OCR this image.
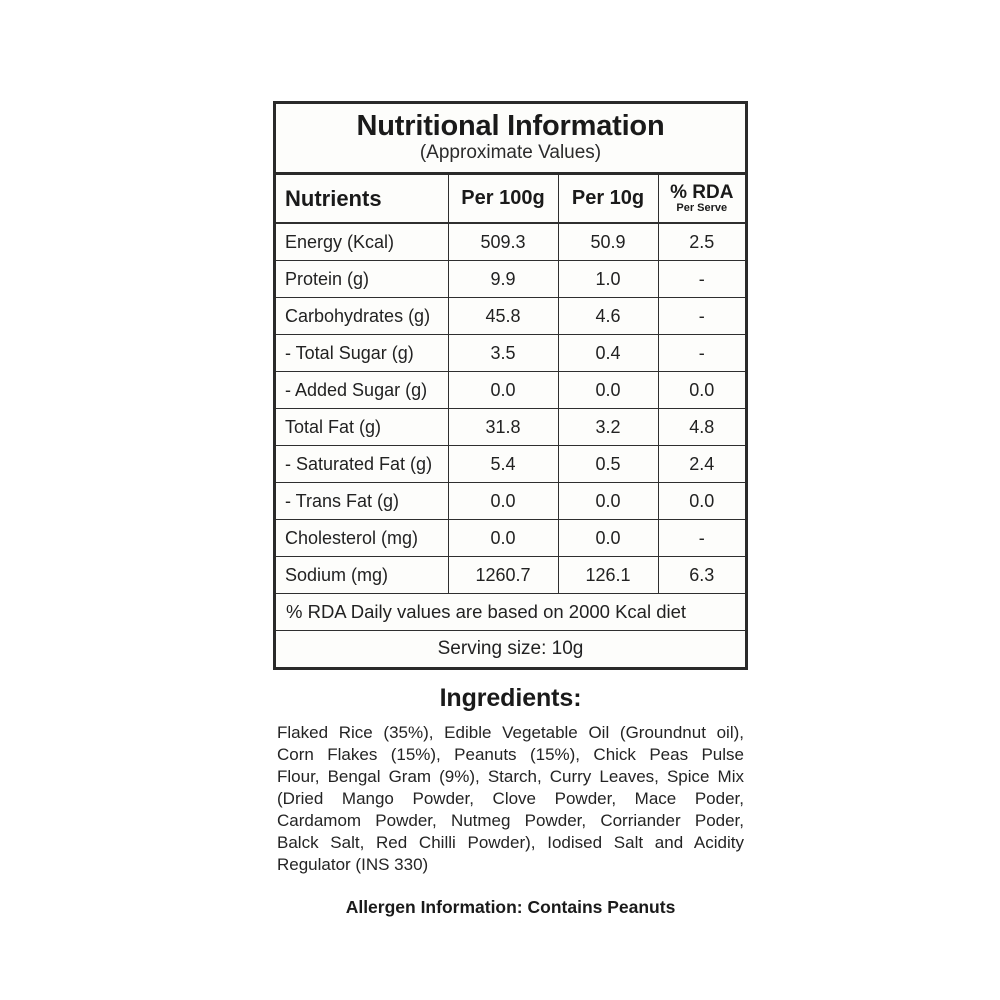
Nutritional Information
(Approximate Values)
Nutrients	Per 100g	Per 10g	% RDA
Per Serve

Energy (Kcal)	509.3	50.9	2.5

Protein (g)	9.9	1.0	-

Carbohydrates (g)	45.8	4.6	-

- Total Sugar (g)	3.5	0.4	-

- Added Sugar (g)	0.0	0.0	0.0

Total Fat (g)	31.8	3.2	4.8

- Saturated Fat (g)	5.4	0.5	2.4

- Trans Fat (g)	0.0	0.0	0.0

Cholesterol (mg)	0.0	0.0	-

Sodium (mg)	1260.7	126.1	6.3

% RDA Daily values are based on 2000 Kcal diet			
Serving size: 10g			
Ingredients:
Flaked Rice (35%), Edible Vegetable Oil (Groundnut oil),
Corn Flakes (15%), Peanuts (15%), Chick Peas Pulse
Flour, Bengal Gram (9%), Starch, Curry Leaves, Spice Mix
(Dried Mango Powder, Clove Powder, Mace Poder,
Cardamom Powder, Nutmeg Powder, Corriander Poder,
Balck Salt, Red Chilli Powder), Iodised Salt and Acidity
Regulator (INS 330)
Allergen Information: Contains Peanuts
